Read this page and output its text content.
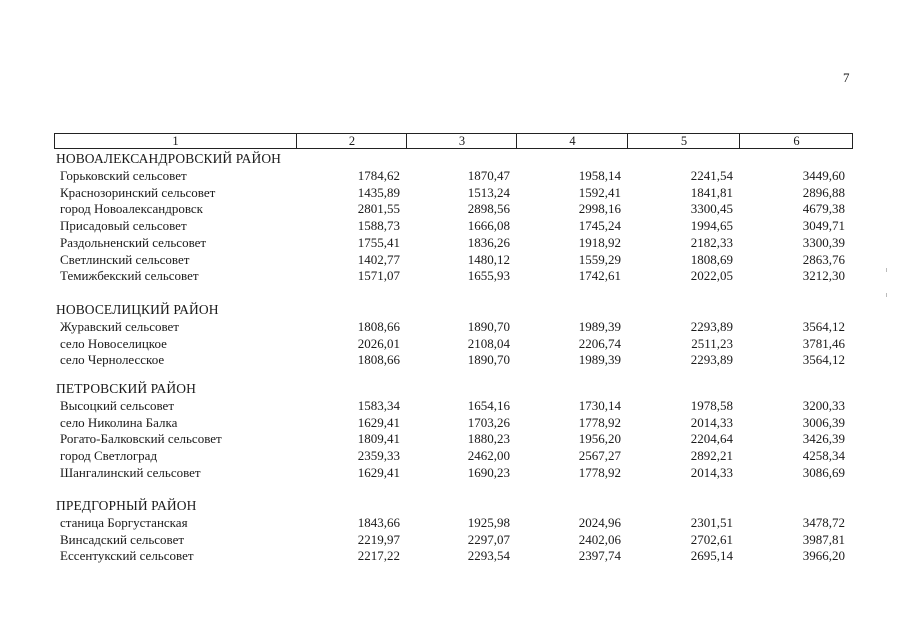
7
1	2	3	4	5	6
НОВОАЛЕКСАНДРОВСКИЙ РАЙОН
Горьковский сельсовет	1784,62	1870,47	1958,14	2241,54	3449,60
Краснозоринский сельсовет	1435,89	1513,24	1592,41	1841,81	2896,88
город Новоалександровск	2801,55	2898,56	2998,16	3300,45	4679,38
Присадовый сельсовет	1588,73	1666,08	1745,24	1994,65	3049,71
Раздольненский сельсовет	1755,41	1836,26	1918,92	2182,33	3300,39
Светлинский сельсовет	1402,77	1480,12	1559,29	1808,69	2863,76
Темижбекский сельсовет	1571,07	1655,93	1742,61	2022,05	3212,30
НОВОСЕЛИЦКИЙ РАЙОН
Журавский сельсовет	1808,66	1890,70	1989,39	2293,89	3564,12
село Новоселицкое	2026,01	2108,04	2206,74	2511,23	3781,46
село Чернолесское	1808,66	1890,70	1989,39	2293,89	3564,12
ПЕТРОВСКИЙ РАЙОН
Высоцкий сельсовет	1583,34	1654,16	1730,14	1978,58	3200,33
село Николина Балка	1629,41	1703,26	1778,92	2014,33	3006,39
Рогато-Балковский сельсовет	1809,41	1880,23	1956,20	2204,64	3426,39
город Светлоград	2359,33	2462,00	2567,27	2892,21	4258,34
Шангалинский сельсовет	1629,41	1690,23	1778,92	2014,33	3086,69
ПРЕДГОРНЫЙ РАЙОН
станица Боргустанская	1843,66	1925,98	2024,96	2301,51	3478,72
Винсадский сельсовет	2219,97	2297,07	2402,06	2702,61	3987,81
Ессентукский сельсовет	2217,22	2293,54	2397,74	2695,14	3966,20
